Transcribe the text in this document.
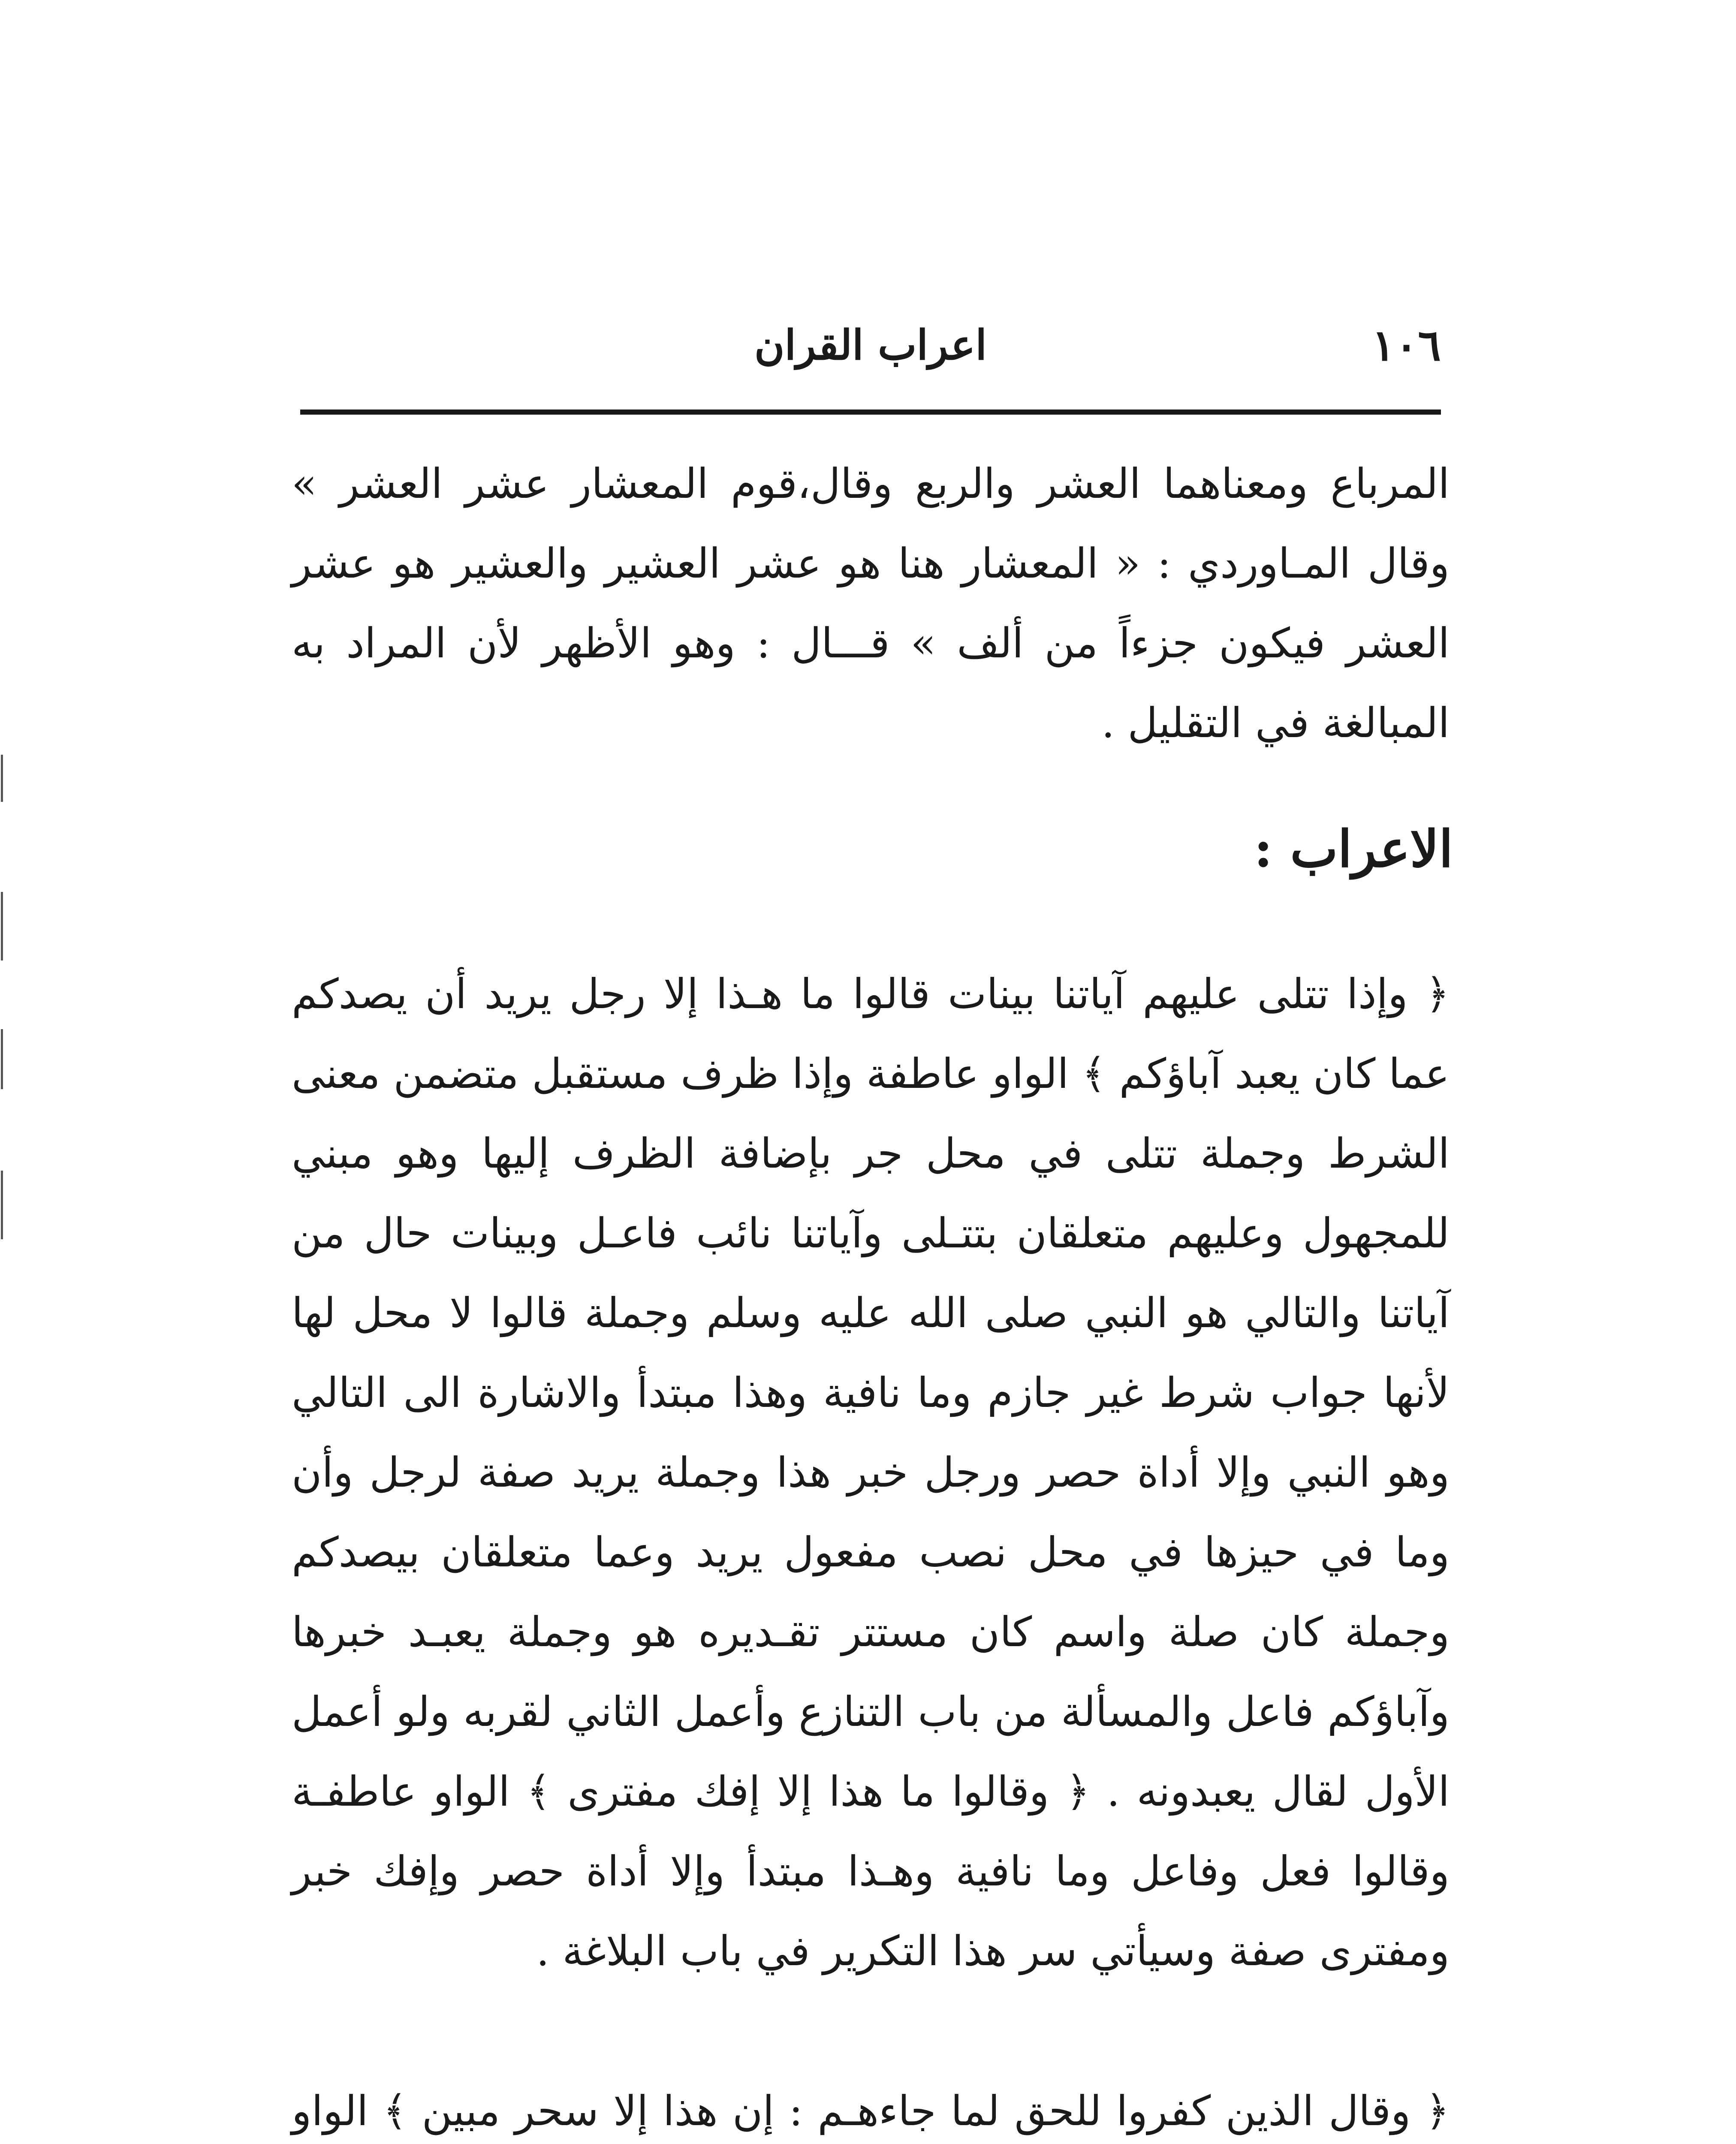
١٠٦
اعراب القران

المرباع ومعناهما العشر والربع وقال،قوم المعشار عشر العشر » وقال المـاوردي : « المعشار هنا هو عشر العشير والعشير هو عشر العشر فيكون جزءاً من ألف » قـــال : وهو الأظهر لأن المراد به المبالغة في التقليل .

الاعراب :

﴿ وإذا تتلى عليهم آياتنا بينات قالوا ما هـذا إلا رجل يريد أن يصدكم عما كان يعبد آباؤكم ﴾ الواو عاطفة وإذا ظرف مستقبل متضمن معنى الشرط وجملة تتلى في محل جر بإضافة الظرف إليها وهو مبني للمجهول وعليهم متعلقان بتتـلى وآياتنا نائب فاعـل وبينات حال من آياتنا والتالي هو النبي صلى الله عليه وسلم وجملة قالوا لا محل لها لأنها جواب شرط غير جازم وما نافية وهذا مبتدأ والاشارة الى التالي وهو النبي وإلا أداة حصر ورجل خبر هذا وجملة يريد صفة لرجل وأن وما في حيزها في محل نصب مفعول يريد وعما متعلقان بيصدكم وجملة كان صلة واسم كان مستتر تقـديره هو وجملة يعبـد خبرها وآباؤكم فاعل والمسألة من باب التنازع وأعمل الثاني لقربه ولو أعمل الأول لقال يعبدونه . ﴿ وقالوا ما هذا إلا إفك مفترى ﴾ الواو عاطفـة وقالوا فعل وفاعل وما نافية وهـذا مبتدأ وإلا أداة حصر وإفك خبر ومفترى صفة وسيأتي سر هذا التكرير في باب البلاغة .

﴿ وقال الذين كفروا للحق لما جاءهـم : إن هذا إلا سحر مبين ﴾ الواو
